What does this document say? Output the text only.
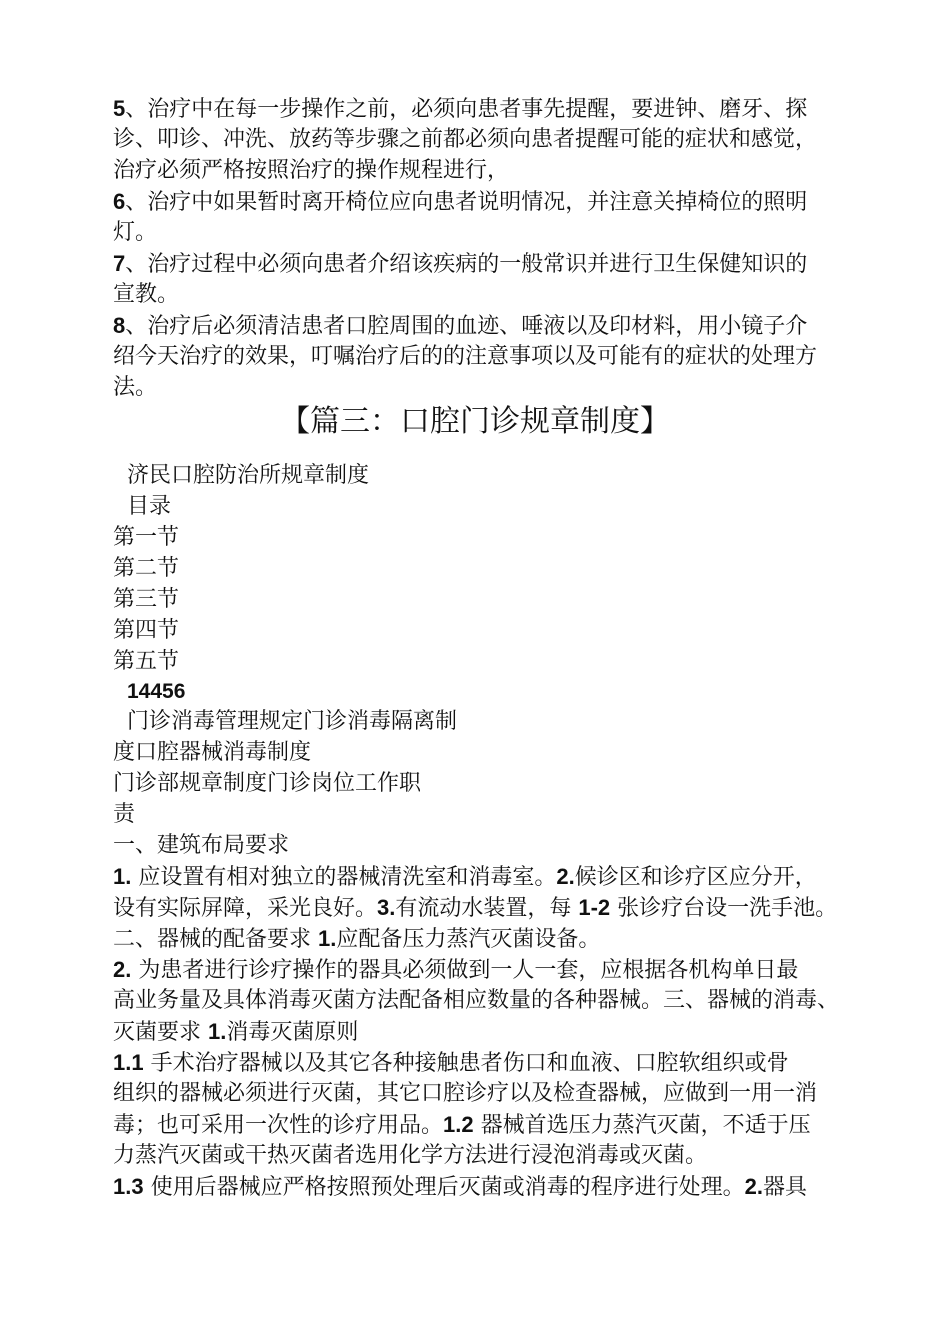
5、治疗中在每一步操作之前，必须向患者事先提醒，要进钟、磨牙、探
诊、叩诊、冲洗、放药等步骤之前都必须向患者提醒可能的症状和感觉，
治疗必须严格按照治疗的操作规程进行，
6、治疗中如果暂时离开椅位应向患者说明情况，并注意关掉椅位的照明
灯。
7、治疗过程中必须向患者介绍该疾病的一般常识并进行卫生保健知识的
宣教。
8、治疗后必须清洁患者口腔周围的血迹、唾液以及印材料，用小镜子介
绍今天治疗的效果，叮嘱治疗后的的注意事项以及可能有的症状的处理方
法。
【篇三：口腔门诊规章制度】
济民口腔防治所规章制度
目录
第一节
第二节
第三节
第四节
第五节
14456
门诊消毒管理规定门诊消毒隔离制
度口腔器械消毒制度
门诊部规章制度门诊岗位工作职
责
一、建筑布局要求
1. 应设置有相对独立的器械清洗室和消毒室。2.候诊区和诊疗区应分开，
设有实际屏障，采光良好。3.有流动水装置，每 1-2 张诊疗台设一洗手池。
二、器械的配备要求 1.应配备压力蒸汽灭菌设备。
2. 为患者进行诊疗操作的器具必须做到一人一套，应根据各机构单日最
高业务量及具体消毒灭菌方法配备相应数量的各种器械。三、器械的消毒、
灭菌要求 1.消毒灭菌原则
1.1 手术治疗器械以及其它各种接触患者伤口和血液、口腔软组织或骨
组织的器械必须进行灭菌，其它口腔诊疗以及检查器械，应做到一用一消
毒；也可采用一次性的诊疗用品。1.2 器械首选压力蒸汽灭菌，不适于压
力蒸汽灭菌或干热灭菌者选用化学方法进行浸泡消毒或灭菌。
1.3 使用后器械应严格按照预处理后灭菌或消毒的程序进行处理。2.器具
